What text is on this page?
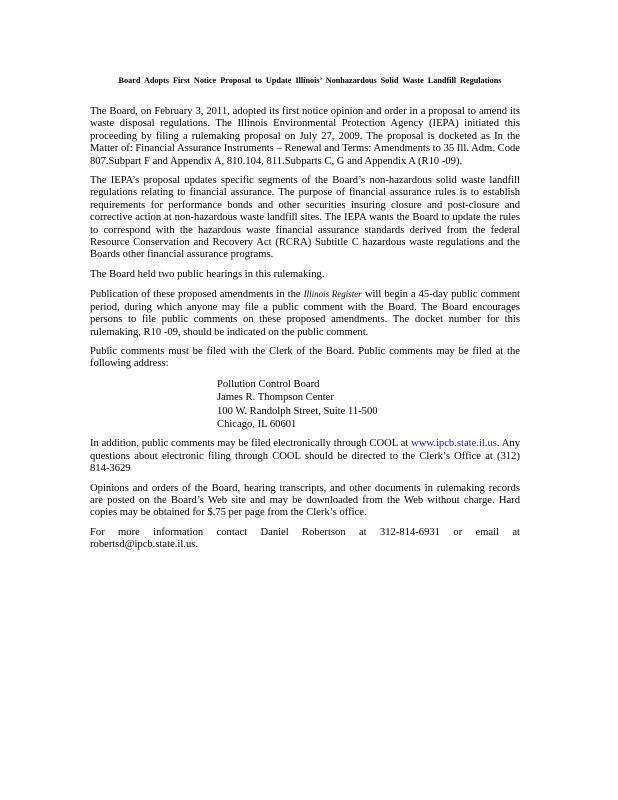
Board Adopts First Notice Proposal to Update Illinois’ Nonhazardous Solid Waste Landfill Regulations

The Board, on February 3, 2011, adopted its first notice opinion and order in a proposal to amend its waste disposal regulations. The Illinois Environmental Protection Agency (IEPA) initiated this proceeding by filing a rulemaking proposal on July 27, 2009. The proposal is docketed as In the Matter of: Financial Assurance Instruments – Renewal and Terms: Amendments to 35 Ill. Adm. Code 807.Subpart F and Appendix A, 810.104, 811.Subparts C, G and Appendix A (R10 -09).

The IEPA’s proposal updates specific segments of the Board’s non-hazardous solid waste landfill regulations relating to financial assurance. The purpose of financial assurance rules is to establish requirements for performance bonds and other securities insuring closure and post-closure and corrective action at non-hazardous waste landfill sites. The IEPA wants the Board to update the rules to correspond with the hazardous waste financial assurance standards derived from the federal Resource Conservation and Recovery Act (RCRA) Subtitle C hazardous waste regulations and the Boards other financial assurance programs.

The Board held two public hearings in this rulemaking.

Publication of these proposed amendments in the Illinois Register will begin a 45-day public comment period, during which anyone may file a public comment with the Board. The Board encourages persons to file public comments on these proposed amendments. The docket number for this rulemaking, R10 -09, should be indicated on the public comment.

Public comments must be filed with the Clerk of the Board. Public comments may be filed at the following address:

Pollution Control Board
James R. Thompson Center
100 W. Randolph Street, Suite 11-500
Chicago, IL 60601

In addition, public comments may be filed electronically through COOL at www.ipcb.state.il.us. Any questions about electronic filing through COOL should be directed to the Clerk’s Office at (312) 814-3629

Opinions and orders of the Board, hearing transcripts, and other documents in rulemaking records are posted on the Board’s Web site and may be downloaded from the Web without charge. Hard copies may be obtained for $.75 per page from the Clerk’s office.

For more information contact Daniel Robertson at 312-814-6931 or email at robertsd@ipcb.state.il.us.
